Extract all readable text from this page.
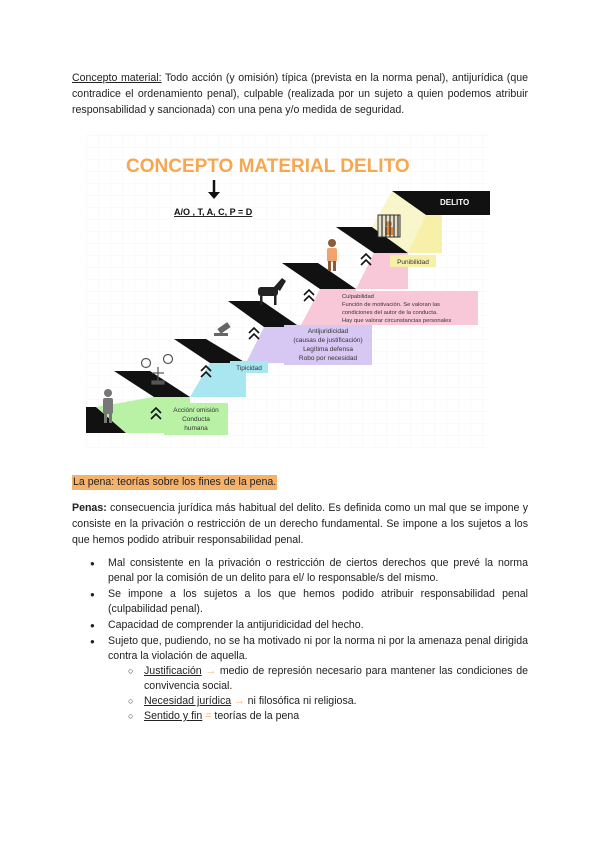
Concepto material: Todo acción (y omisión) típica (prevista en la norma penal), antijurídica (que contradice el ordenamiento penal), culpable (realizada por un sujeto a quien podemos atribuir responsabilidad y sancionada) con una pena y/o medida de seguridad.

CONCEPTO MATERIAL DELITO
A/O , T, A, C, P = D
DELITO
Acción/ omisión
Conducta
humana
Tipicidad
Antijuridicidad
(causas de justificación)
Legítima defensa
Robo por necesidad
Culpabilidad
Función de motivación. Se valoran las
condiciones del autor de la conducta.
Hay que valorar circunstancias personales
Punibilidad
La pena: teorías sobre los fines de la pena.

Penas: consecuencia jurídica más habitual del delito. Es definida como un mal que se impone y consiste en la privación o restricción de un derecho fundamental. Se impone a los sujetos a los que hemos podido atribuir responsabilidad penal.

● Mal consistente en la privación o restricción de ciertos derechos que prevé la norma penal por la comisión de un delito para el/ lo responsable/s del mismo.
● Se impone a los sujetos a los que hemos podido atribuir responsabilidad penal (culpabilidad penal).
● Capacidad de comprender la antijuridicidad del hecho.
● Sujeto que, pudiendo, no se ha motivado ni por la norma ni por la amenaza penal dirigida contra la violación de aquella.
○ Justificación → medio de represión necesario para mantener las condiciones de convivencia social.
○ Necesidad jurídica → ni filosófica ni religiosa.
○ Sentido y fin = teorías de la pena
